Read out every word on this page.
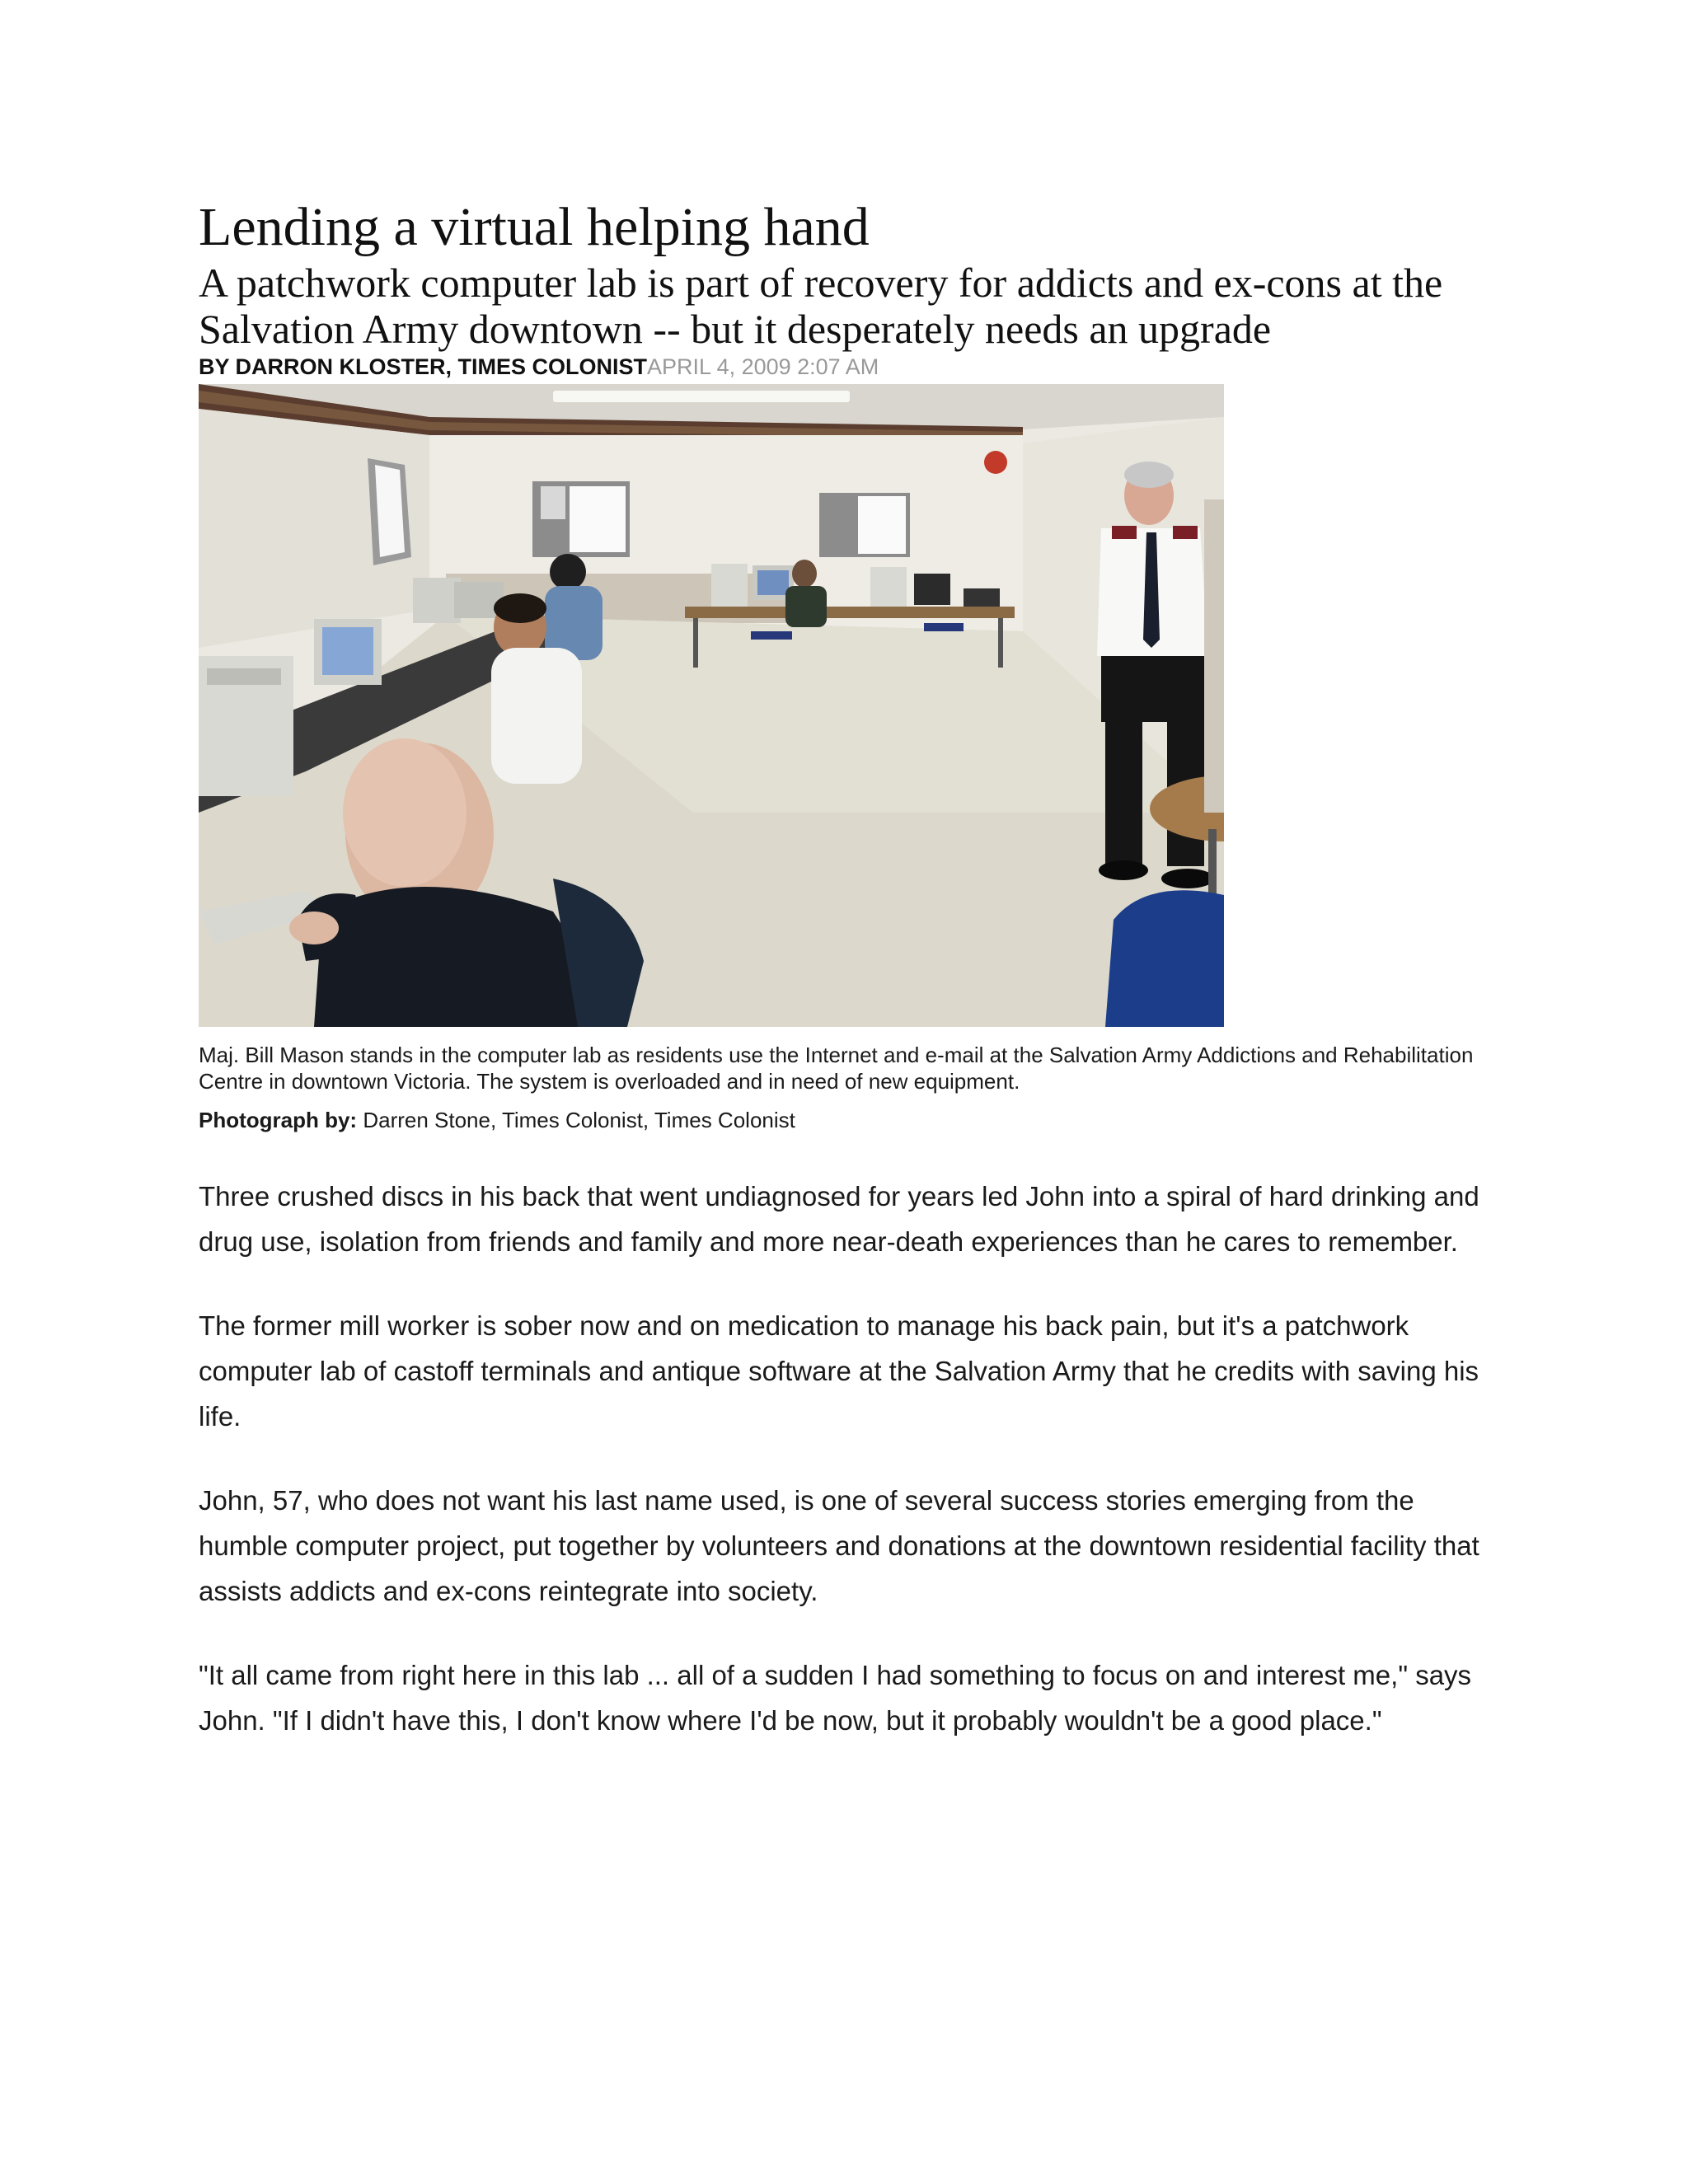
Lending a virtual helping hand
A patchwork computer lab is part of recovery for addicts and ex-cons at the Salvation Army downtown -- but it desperately needs an upgrade
BY DARRON KLOSTER, TIMES COLONISTAPRIL 4, 2009 2:07 AM
Maj. Bill Mason stands in the computer lab as residents use the Internet and e-mail at the Salvation Army Addictions and Rehabilitation Centre in downtown Victoria. The system is overloaded and in need of new equipment.
Photograph by: Darren Stone, Times Colonist, Times Colonist

Three crushed discs in his back that went undiagnosed for years led John into a spiral of hard drinking and drug use, isolation from friends and family and more near-death experiences than he cares to remember.

The former mill worker is sober now and on medication to manage his back pain, but it's a patchwork computer lab of castoff terminals and antique software at the Salvation Army that he credits with saving his life.

John, 57, who does not want his last name used, is one of several success stories emerging from the humble computer project, put together by volunteers and donations at the downtown residential facility that assists addicts and ex-cons reintegrate into society.

"It all came from right here in this lab ... all of a sudden I had something to focus on and interest me," says John. "If I didn't have this, I don't know where I'd be now, but it probably wouldn't be a good place."
